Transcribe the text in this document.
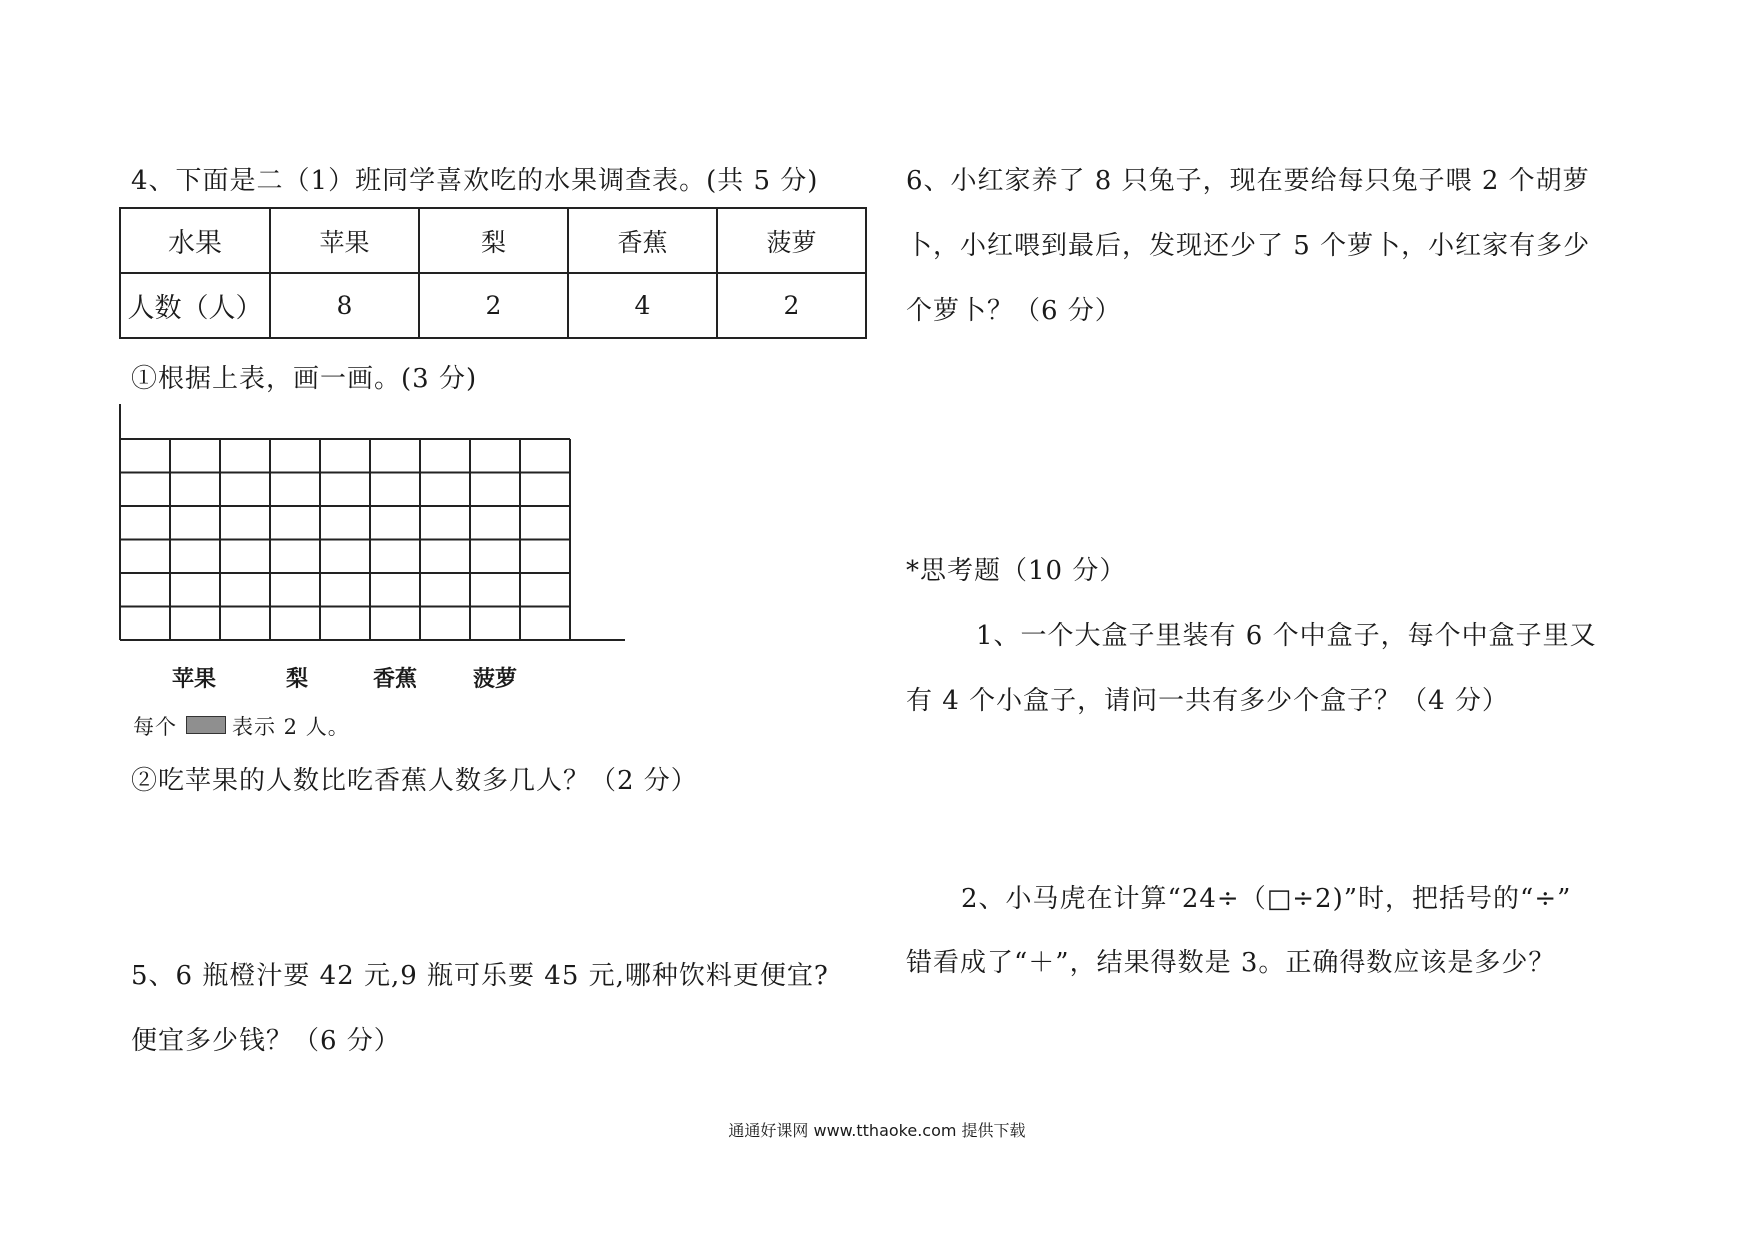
4、下面是二（1）班同学喜欢吃的水果调查表。(共 5 分)
水果	苹果	梨	香蕉	菠萝
人数（人）	8	2	4	2
①根据上表，画一画。(3 分)
苹果	梨	香蕉	菠萝
每个	表示 2 人。
②吃苹果的人数比吃香蕉人数多几人？（2 分）
5、6 瓶橙汁要 42 元,9 瓶可乐要 45 元,哪种饮料更便宜?
便宜多少钱？（6 分）
6、小红家养了 8 只兔子，现在要给每只兔子喂 2 个胡萝
卜，小红喂到最后，发现还少了 5 个萝卜，小红家有多少
个萝卜？（6 分）
*思考题（10 分）
1、一个大盒子里装有 6 个中盒子，每个中盒子里又
有 4 个小盒子，请问一共有多少个盒子？（4 分）
2、小马虎在计算“24÷（□÷2)”时，把括号的“÷”
错看成了“＋”，结果得数是 3。正确得数应该是多少？
通通好课网 www.tthaoke.com 提供下载
